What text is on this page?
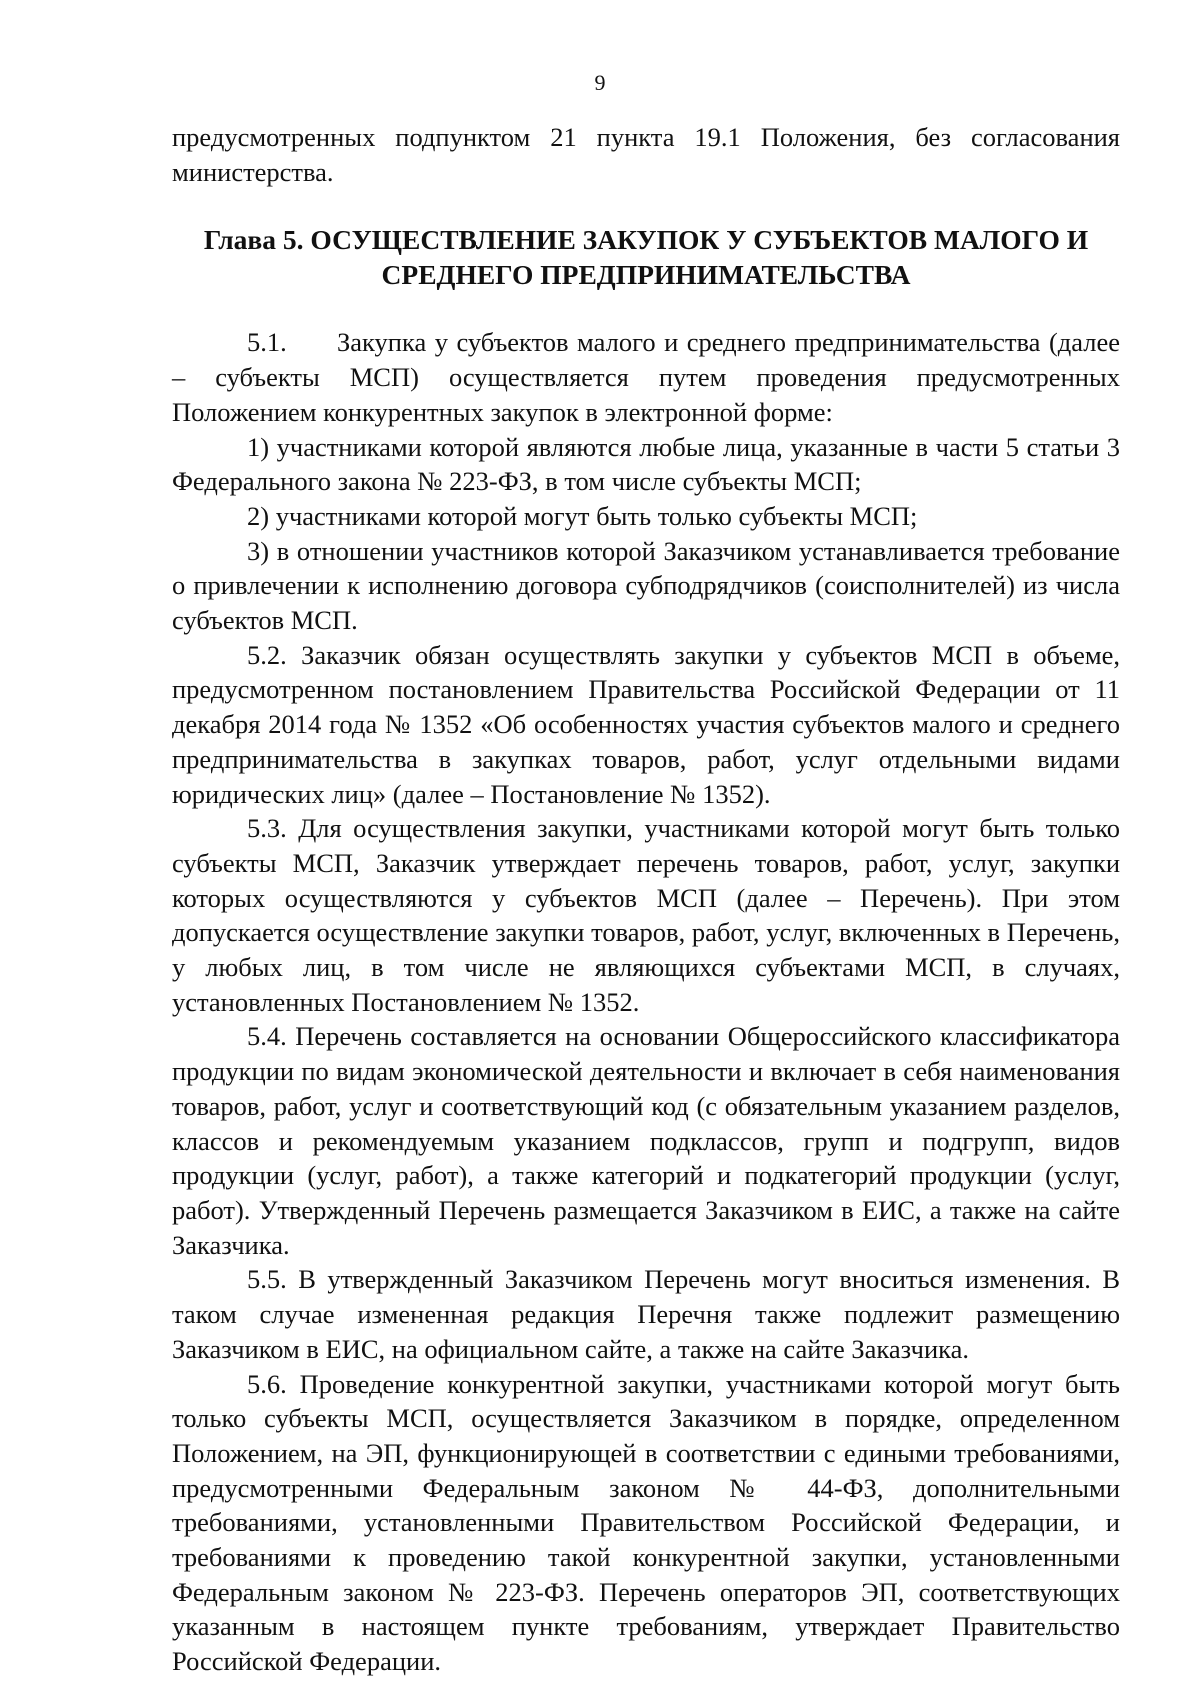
9

предусмотренных подпунктом 21 пункта 19.1 Положения, без согласования министерства.

Глава 5. ОСУЩЕСТВЛЕНИЕ ЗАКУПОК У СУБЪЕКТОВ МАЛОГО И
СРЕДНЕГО ПРЕДПРИНИМАТЕЛЬСТВА

5.1. Закупка у субъектов малого и среднего предпринимательства (далее – субъекты МСП) осуществляется путем проведения предусмотренных Положением конкурентных закупок в электронной форме:

1) участниками которой являются любые лица, указанные в части 5 статьи 3 Федерального закона № 223-ФЗ, в том числе субъекты МСП;

2) участниками которой могут быть только субъекты МСП;

3) в отношении участников которой Заказчиком устанавливается требование о привлечении к исполнению договора субподрядчиков (соисполнителей) из числа субъектов МСП.

5.2. Заказчик обязан осуществлять закупки у субъектов МСП в объеме, предусмотренном постановлением Правительства Российской Федерации от 11 декабря 2014 года № 1352 «Об особенностях участия субъектов малого и среднего предпринимательства в закупках товаров, работ, услуг отдельными видами юридических лиц» (далее – Постановление № 1352).

5.3. Для осуществления закупки, участниками которой могут быть только субъекты МСП, Заказчик утверждает перечень товаров, работ, услуг, закупки которых осуществляются у субъектов МСП (далее – Перечень). При этом допускается осуществление закупки товаров, работ, услуг, включенных в Перечень, у любых лиц, в том числе не являющихся субъектами МСП, в случаях, установленных Постановлением № 1352.

5.4. Перечень составляется на основании Общероссийского классификатора продукции по видам экономической деятельности и включает в себя наименования товаров, работ, услуг и соответствующий код (с обязательным указанием разделов, классов и рекомендуемым указанием подклассов, групп и подгрупп, видов продукции (услуг, работ), а также категорий и подкатегорий продукции (услуг, работ). Утвержденный Перечень размещается Заказчиком в ЕИС, а также на сайте Заказчика.

5.5. В утвержденный Заказчиком Перечень могут вноситься изменения. В таком случае измененная редакция Перечня также подлежит размещению Заказчиком в ЕИС, на официальном сайте, а также на сайте Заказчика.

5.6. Проведение конкурентной закупки, участниками которой могут быть только субъекты МСП, осуществляется Заказчиком в порядке, определенном Положением, на ЭП, функционирующей в соответствии с едиными требованиями, предусмотренными Федеральным законом № 44-ФЗ, дополнительными требованиями, установленными Правительством Российской Федерации, и требованиями к проведению такой конкурентной закупки, установленными Федеральным законом № 223-ФЗ. Перечень операторов ЭП, соответствующих указанным в настоящем пункте требованиям, утверждает Правительство Российской Федерации.
